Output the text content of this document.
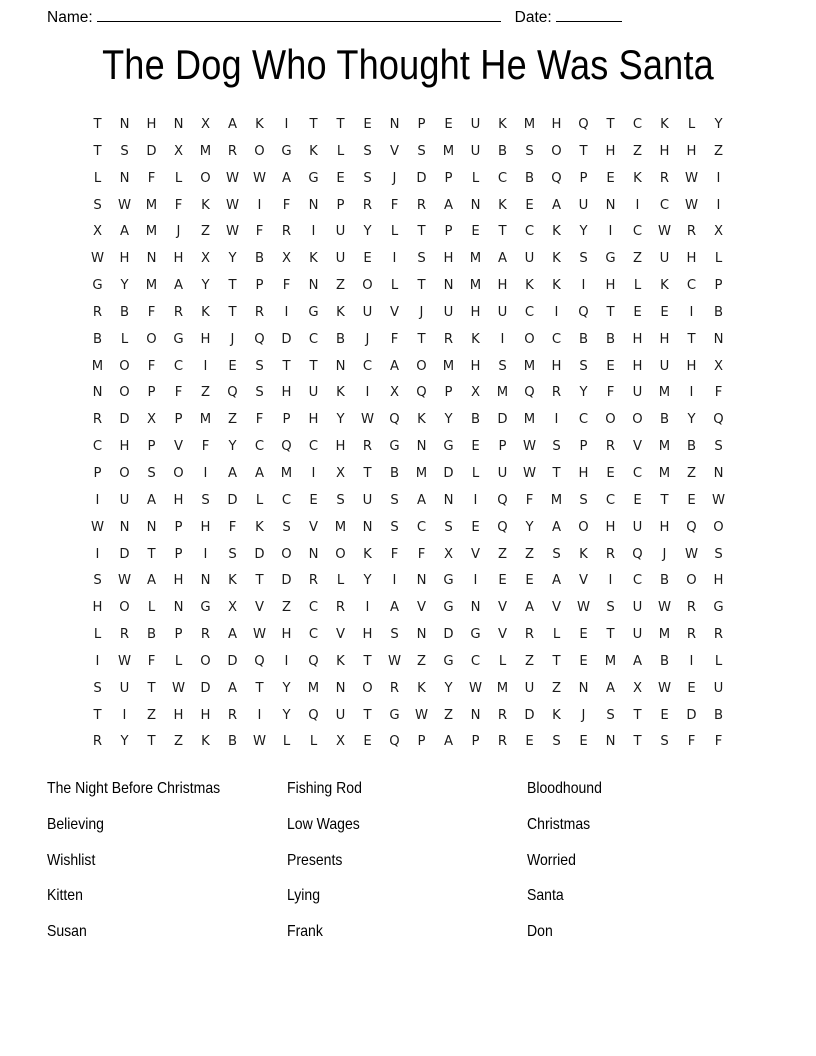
Name:	Date:
The Dog Who Thought He Was Santa
T	N	H	N	X	A	K	I	T	T	E	N	P	E	U	K	M	H	Q	T	C	K	L	Y
T	S	D	X	M	R	O	G	K	L	S	V	S	M	U	B	S	O	T	H	Z	H	H	Z
L	N	F	L	O	W	W	A	G	E	S	J	D	P	L	C	B	Q	P	E	K	R	W	I
S	W	M	F	K	W	I	F	N	P	R	F	R	A	N	K	E	A	U	N	I	C	W	I
X	A	M	J	Z	W	F	R	I	U	Y	L	T	P	E	T	C	K	Y	I	C	W	R	X
W	H	N	H	X	Y	B	X	K	U	E	I	S	H	M	A	U	K	S	G	Z	U	H	L
G	Y	M	A	Y	T	P	F	N	Z	O	L	T	N	M	H	K	K	I	H	L	K	C	P
R	B	F	R	K	T	R	I	G	K	U	V	J	U	H	U	C	I	Q	T	E	E	I	B
B	L	O	G	H	J	Q	D	C	B	J	F	T	R	K	I	O	C	B	B	H	H	T	N
M	O	F	C	I	E	S	T	T	N	C	A	O	M	H	S	M	H	S	E	H	U	H	X
N	O	P	F	Z	Q	S	H	U	K	I	X	Q	P	X	M	Q	R	Y	F	U	M	I	F
R	D	X	P	M	Z	F	P	H	Y	W	Q	K	Y	B	D	M	I	C	O	O	B	Y	Q
C	H	P	V	F	Y	C	Q	C	H	R	G	N	G	E	P	W	S	P	R	V	M	B	S
P	O	S	O	I	A	A	M	I	X	T	B	M	D	L	U	W	T	H	E	C	M	Z	N
I	U	A	H	S	D	L	C	E	S	U	S	A	N	I	Q	F	M	S	C	E	T	E	W
W	N	N	P	H	F	K	S	V	M	N	S	C	S	E	Q	Y	A	O	H	U	H	Q	O
I	D	T	P	I	S	D	O	N	O	K	F	F	X	V	Z	Z	S	K	R	Q	J	W	S
S	W	A	H	N	K	T	D	R	L	Y	I	N	G	I	E	E	A	V	I	C	B	O	H
H	O	L	N	G	X	V	Z	C	R	I	A	V	G	N	V	A	V	W	S	U	W	R	G
L	R	B	P	R	A	W	H	C	V	H	S	N	D	G	V	R	L	E	T	U	M	R	R
I	W	F	L	O	D	Q	I	Q	K	T	W	Z	G	C	L	Z	T	E	M	A	B	I	L
S	U	T	W	D	A	T	Y	M	N	O	R	K	Y	W	M	U	Z	N	A	X	W	E	U
T	I	Z	H	H	R	I	Y	Q	U	T	G	W	Z	N	R	D	K	J	S	T	E	D	B
R	Y	T	Z	K	B	W	L	L	X	E	Q	P	A	P	R	E	S	E	N	T	S	F	F
The Night Before Christmas	Fishing Rod	Bloodhound
Believing	Low Wages	Christmas
Wishlist	Presents	Worried
Kitten	Lying	Santa
Susan	Frank	Don
